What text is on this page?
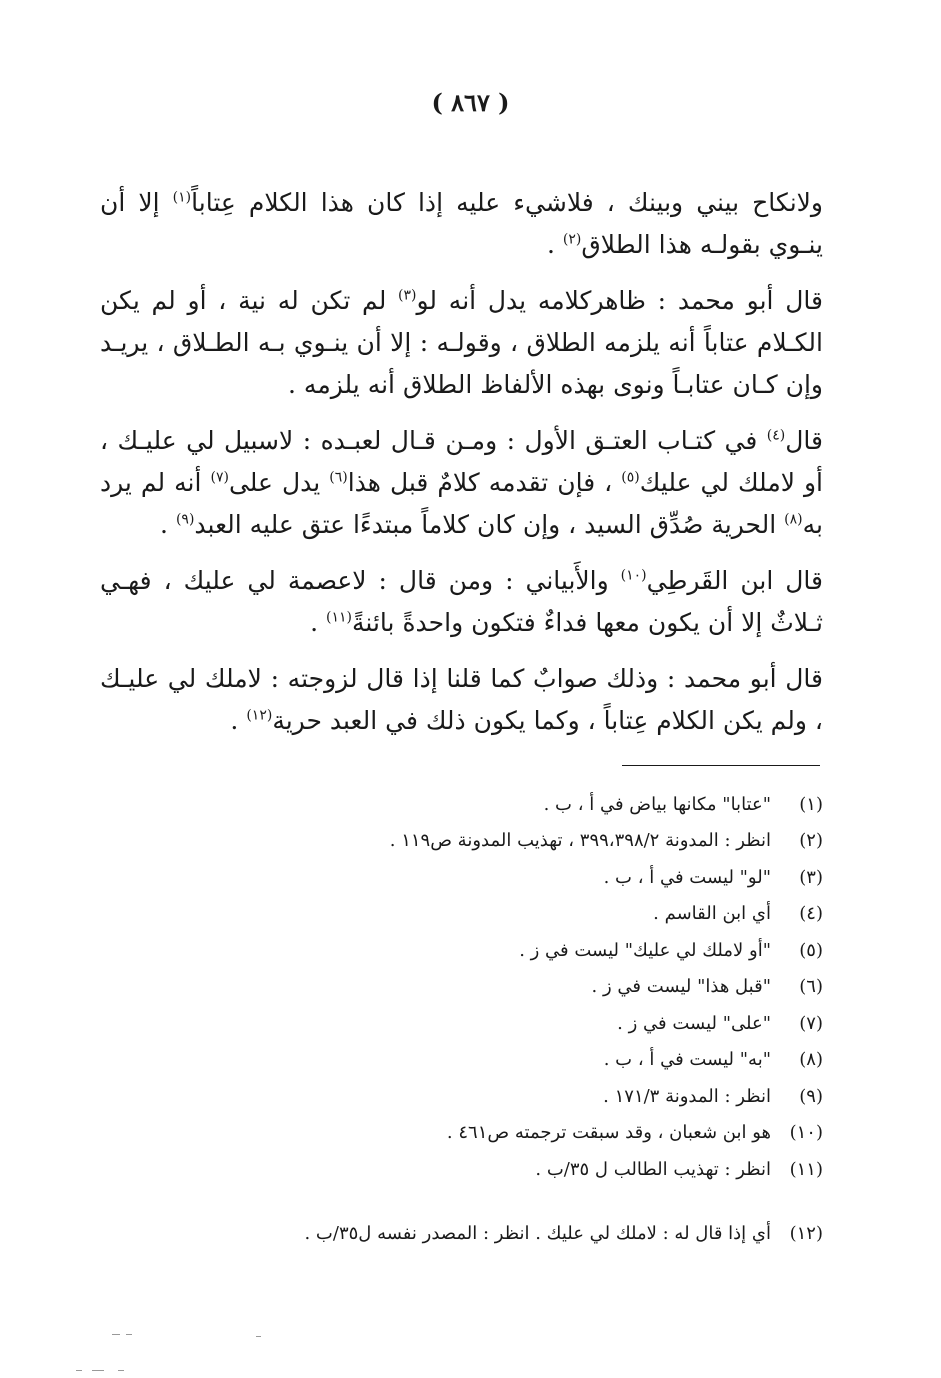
( ٨٦٧ )

ولانكاح بيني وبينك ، فلاشيء عليه إذا كان هذا الكلام عِتاباً$^{(١)}$ إلا أن ينـوي بقولـه هذا الطلاق$^{(٢)}$ .

قال أبو محمد : ظاهركلامه يدل أنه لو$^{(٣)}$ لم تكن له نية ، أو لم يكن الكـلام عتاباً أنه يلزمه الطلاق ، وقولـه : إلا أن ينـوي بـه الطـلاق ، يريـد وإن كـان عتابـاً ونوى بهذه الألفاظ الطلاق أنه يلزمه .

قال$^{(٤)}$ في كتـاب العتـق الأول : ومـن قـال لعبـده : لاسبيل لي عليـك ، أو لاملك لي عليك$^{(٥)}$ ، فإن تقدمه كلامٌ قبل هذا$^{(٦)}$ يدل على$^{(٧)}$ أنه لم يرد به$^{(٨)}$ الحرية صُدِّق السيد ، وإن كان كلاماً مبتدءًا عتق عليه العبد$^{(٩)}$ .

قال ابن القَرطِي$^{(١٠)}$ والأَبياني : ومن قال : لاعصمة لي عليك ، فهـي ثـلاثٌ إلا أن يكون معها فداءٌ فتكون واحدةً بائنةً$^{(١١)}$ .

قال أبو محمد : وذلك صوابٌ كما قلنا إذا قال لزوجته : لاملك لي عليـك ، ولم يكن الكلام عِتاباً ، وكما يكون ذلك في العبد حرية$^{(١٢)}$ .

(١)
"عتابا" مكانها بياض في أ ، ب .
(٢)
انظر : المدونة ٣٩٩،٣٩٨/٢ ، تهذيب المدونة ص١١٩ .
(٣)
"لو" ليست في أ ، ب .
(٤)
أي ابن القاسم .
(٥)
"أو لاملك لي عليك" ليست في ز .
(٦)
"قبل هذا" ليست في ز .
(٧)
"على" ليست في ز .
(٨)
"به" ليست في أ ، ب .
(٩)
انظر : المدونة ١٧١/٣ .
(١٠)
هو ابن شعبان ، وقد سبقت ترجمته ص٤٦١ .
(١١)
انظر : تهذيب الطالب ل ٣٥/ب .
(١٢)
أي إذا قال له : لاملك لي عليك . انظر : المصدر نفسه ل٣٥/ب .
